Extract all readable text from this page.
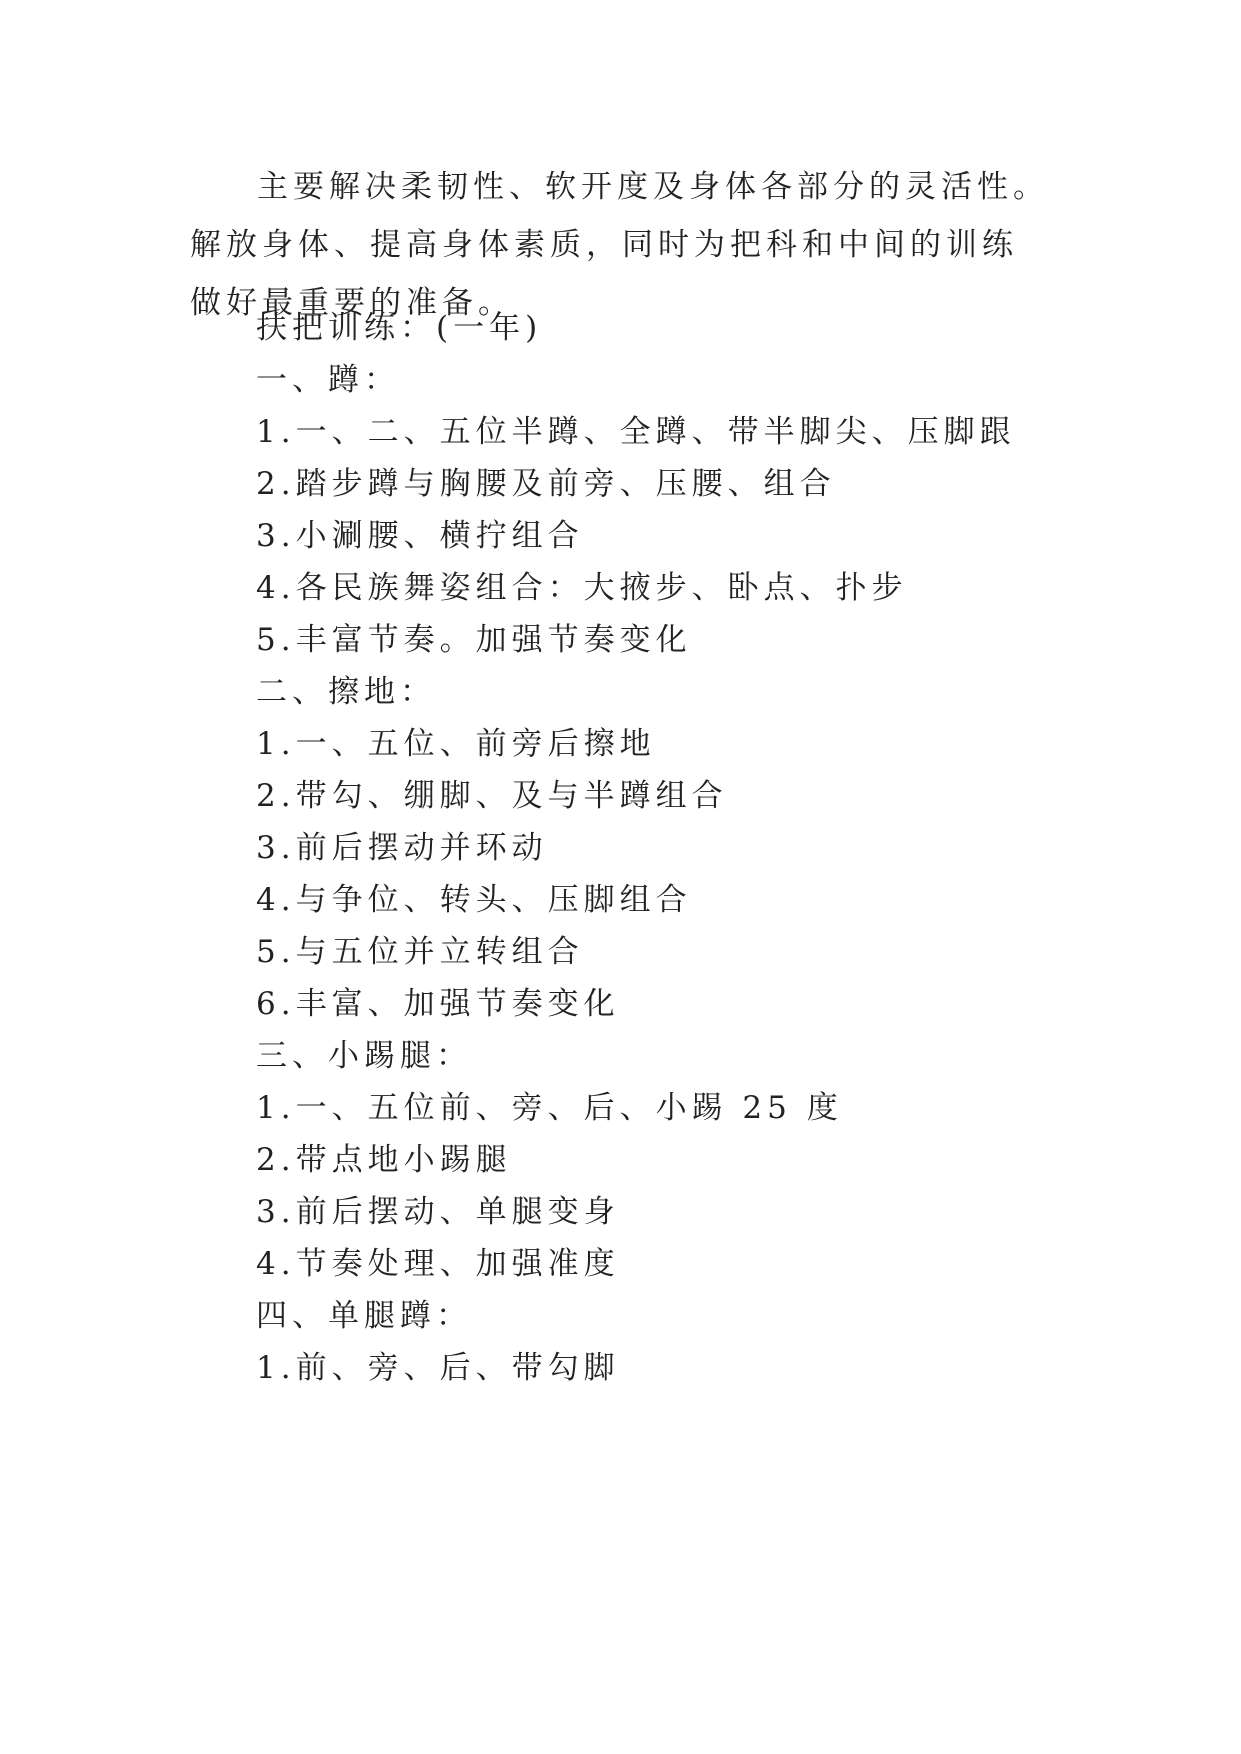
主要解决柔韧性、软开度及身体各部分的灵活性。解放身体、提高身体素质，同时为把科和中间的训练做好最重要的准备。

扶把训练：(一年)

一、蹲：

1.一、二、五位半蹲、全蹲、带半脚尖、压脚跟

2.踏步蹲与胸腰及前旁、压腰、组合

3.小涮腰、横拧组合

4.各民族舞姿组合：大掖步、卧点、扑步

5.丰富节奏。加强节奏变化

二、擦地：

1.一、五位、前旁后擦地

2.带勾、绷脚、及与半蹲组合

3.前后摆动并环动

4.与争位、转头、压脚组合

5.与五位并立转组合

6.丰富、加强节奏变化

三、小踢腿：

1.一、五位前、旁、后、小踢 25 度

2.带点地小踢腿

3.前后摆动、单腿变身

4.节奏处理、加强准度

四、单腿蹲：

1.前、旁、后、带勾脚
